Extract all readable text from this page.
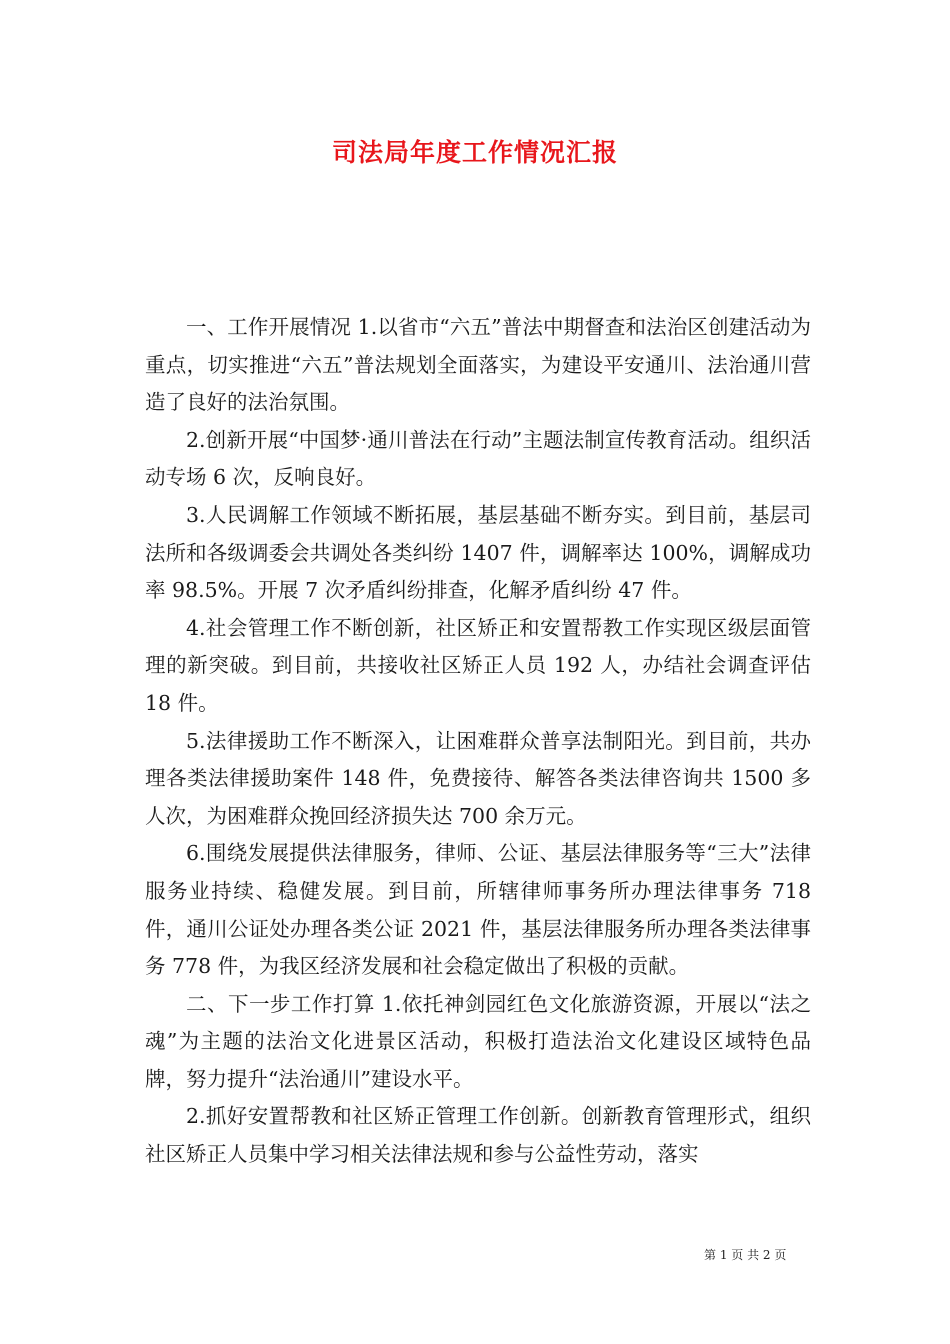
司法局年度工作情况汇报

一、工作开展情况 1.以省市“六五”普法中期督查和法治区创建活动为重点，切实推进“六五”普法规划全面落实，为建设平安通川、法治通川营造了良好的法治氛围。

2.创新开展“中国梦·通川普法在行动”主题法制宣传教育活动。组织活动专场 6 次，反响良好。

3.人民调解工作领域不断拓展，基层基础不断夯实。到目前，基层司法所和各级调委会共调处各类纠纷 1407 件，调解率达 100%，调解成功率 98.5%。开展 7 次矛盾纠纷排查，化解矛盾纠纷 47 件。

4.社会管理工作不断创新，社区矫正和安置帮教工作实现区级层面管理的新突破。到目前，共接收社区矫正人员 192 人，办结社会调查评估 18 件。

5.法律援助工作不断深入，让困难群众普享法制阳光。到目前，共办理各类法律援助案件 148 件，免费接待、解答各类法律咨询共 1500 多人次，为困难群众挽回经济损失达 700 余万元。

6.围绕发展提供法律服务，律师、公证、基层法律服务等“三大”法律服务业持续、稳健发展。到目前，所辖律师事务所办理法律事务 718 件，通川公证处办理各类公证 2021 件，基层法律服务所办理各类法律事务 778 件，为我区经济发展和社会稳定做出了积极的贡献。

二、下一步工作打算 1.依托神剑园红色文化旅游资源，开展以“法之魂”为主题的法治文化进景区活动，积极打造法治文化建设区域特色品牌，努力提升“法治通川”建设水平。

2.抓好安置帮教和社区矫正管理工作创新。创新教育管理形式，组织社区矫正人员集中学习相关法律法规和参与公益性劳动，落实

第 1 页 共 2 页
